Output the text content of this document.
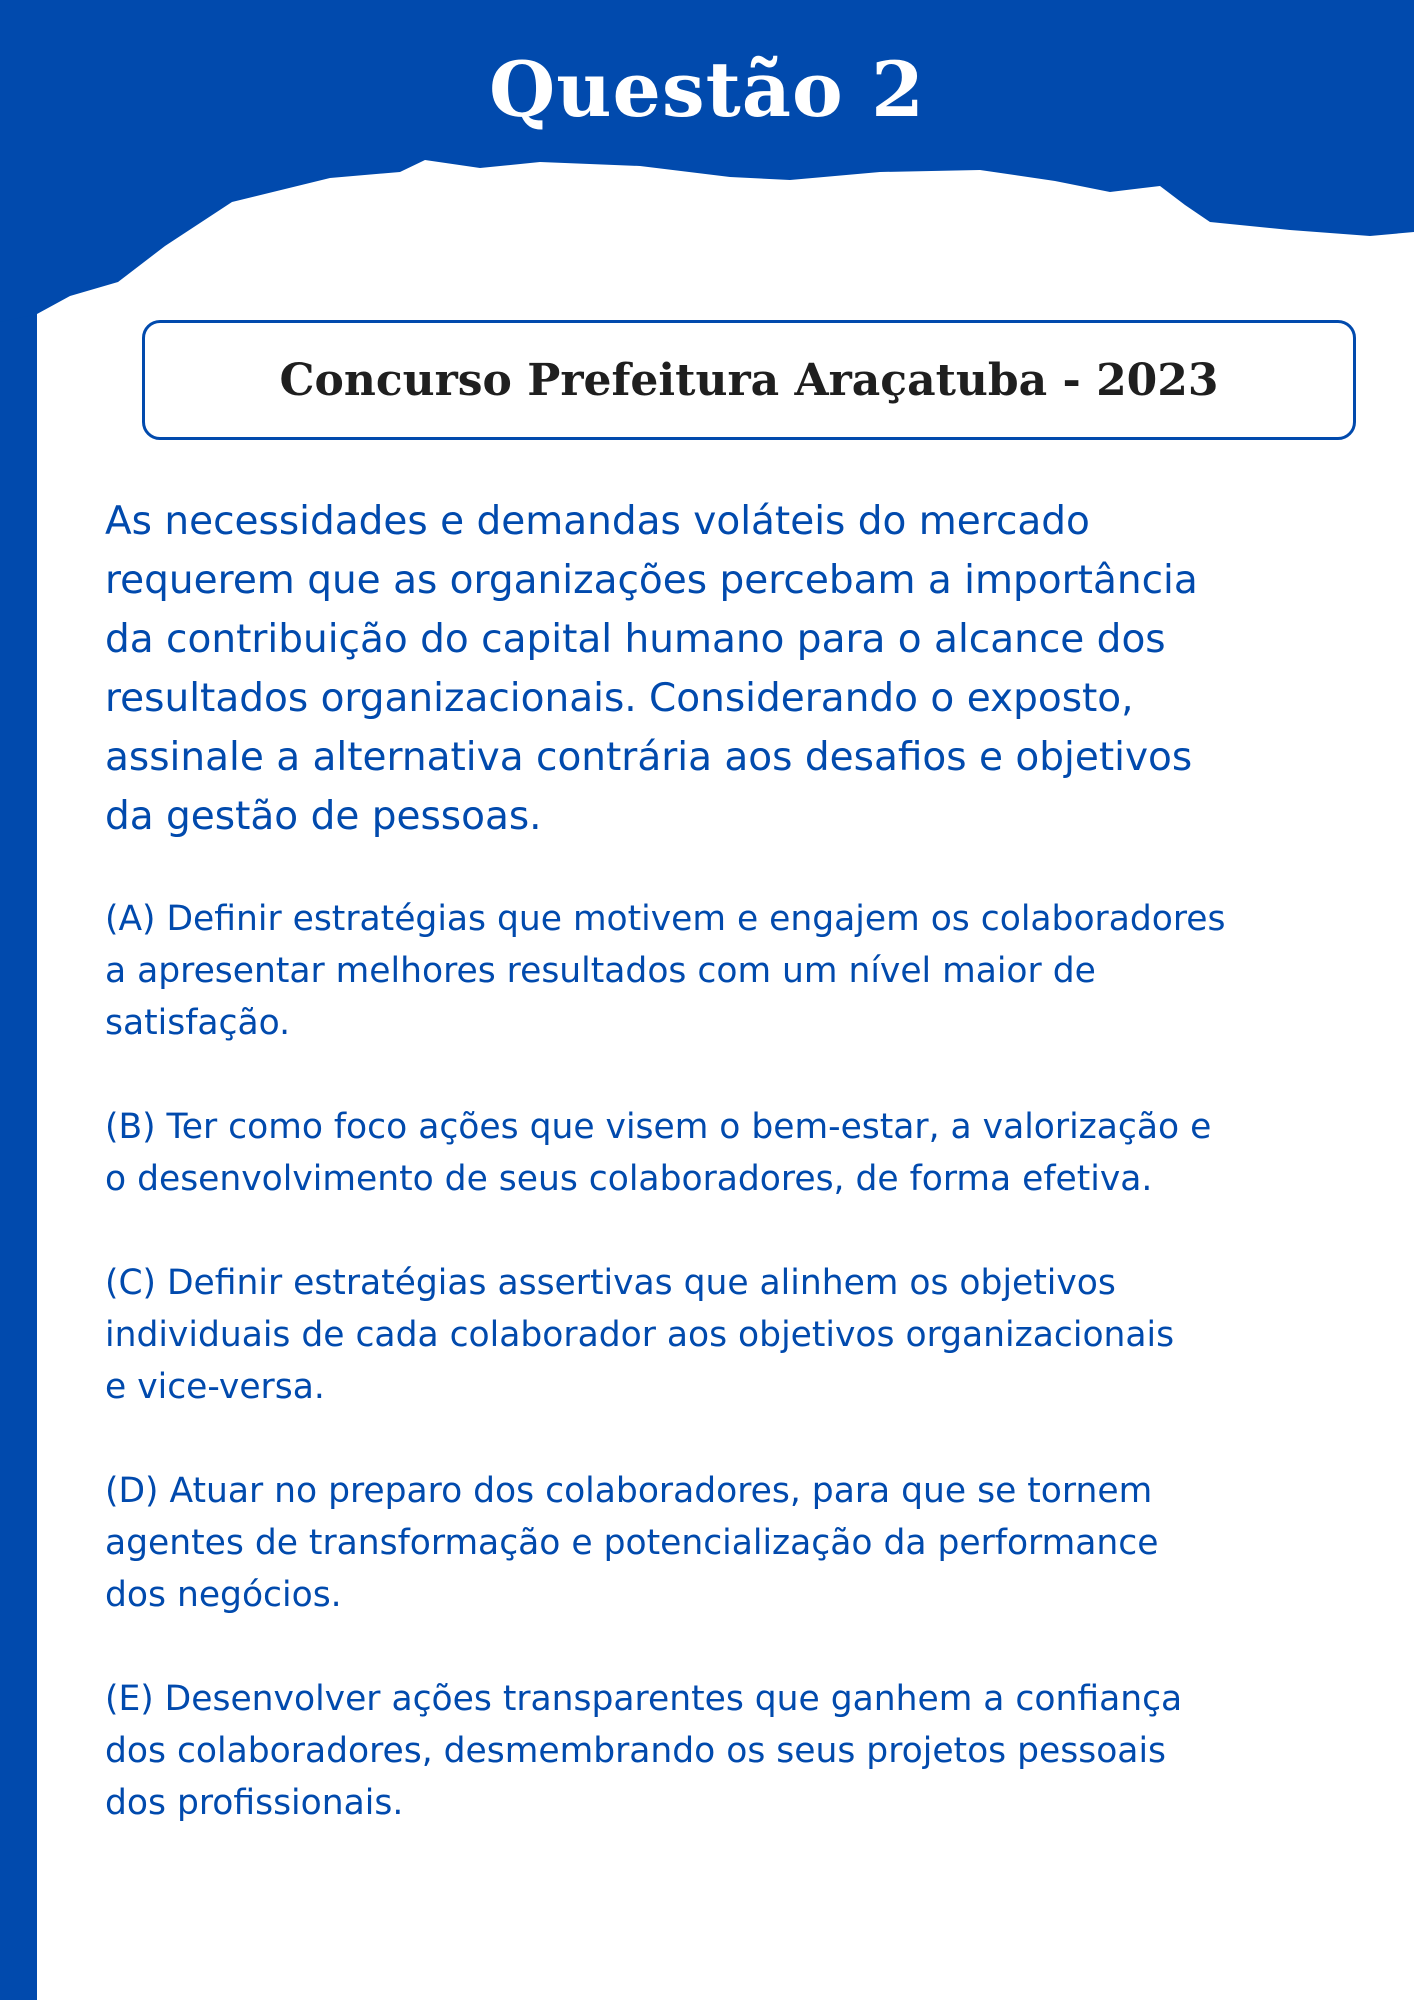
Questão 2
Concurso Prefeitura Araçatuba - 2023

As necessidades e demandas voláteis do mercado
requerem que as organizações percebam a importância
da contribuição do capital humano para o alcance dos
resultados organizacionais. Considerando o exposto,
assinale a alternativa contrária aos desafios e objetivos
da gestão de pessoas.

(A) Definir estratégias que motivem e engajem os colaboradores
a apresentar melhores resultados com um nível maior de
satisfação.

(B) Ter como foco ações que visem o bem-estar, a valorização e
o desenvolvimento de seus colaboradores, de forma efetiva.

(C) Definir estratégias assertivas que alinhem os objetivos
individuais de cada colaborador aos objetivos organizacionais
e vice-versa.

(D) Atuar no preparo dos colaboradores, para que se tornem
agentes de transformação e potencialização da performance
dos negócios.

(E) Desenvolver ações transparentes que ganhem a confiança
dos colaboradores, desmembrando os seus projetos pessoais
dos profissionais.
